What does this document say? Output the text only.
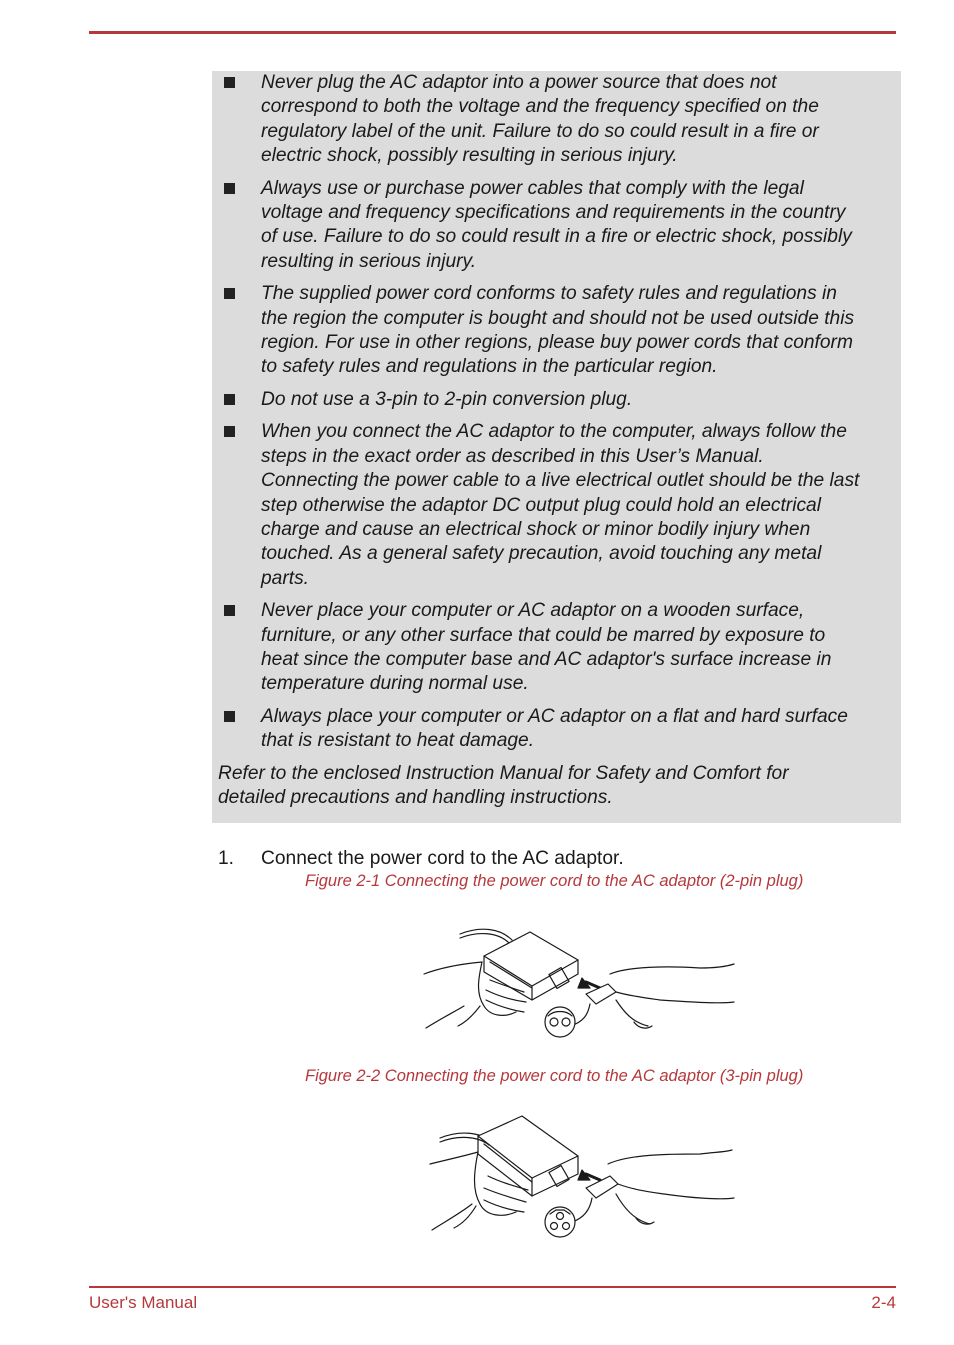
Never plug the AC adaptor into a power source that does not
correspond to both the voltage and the frequency specified on the
regulatory label of the unit. Failure to do so could result in a fire or
electric shock, possibly resulting in serious injury.
Always use or purchase power cables that comply with the legal
voltage and frequency specifications and requirements in the country
of use. Failure to do so could result in a fire or electric shock, possibly
resulting in serious injury.
The supplied power cord conforms to safety rules and regulations in
the region the computer is bought and should not be used outside this
region. For use in other regions, please buy power cords that conform
to safety rules and regulations in the particular region.
Do not use a 3-pin to 2-pin conversion plug.
When you connect the AC adaptor to the computer, always follow the
steps in the exact order as described in this User’s Manual.
Connecting the power cable to a live electrical outlet should be the last
step otherwise the adaptor DC output plug could hold an electrical
charge and cause an electrical shock or minor bodily injury when
touched. As a general safety precaution, avoid touching any metal
parts.
Never place your computer or AC adaptor on a wooden surface,
furniture, or any other surface that could be marred by exposure to
heat since the computer base and AC adaptor's surface increase in
temperature during normal use.
Always place your computer or AC adaptor on a flat and hard surface
that is resistant to heat damage.
Refer to the enclosed Instruction Manual for Safety and Comfort for
detailed precautions and handling instructions.
1. Connect the power cord to the AC adaptor.
Figure 2-1 Connecting the power cord to the AC adaptor (2-pin plug)
Figure 2-2 Connecting the power cord to the AC adaptor (3-pin plug)
User's Manual	2-4
